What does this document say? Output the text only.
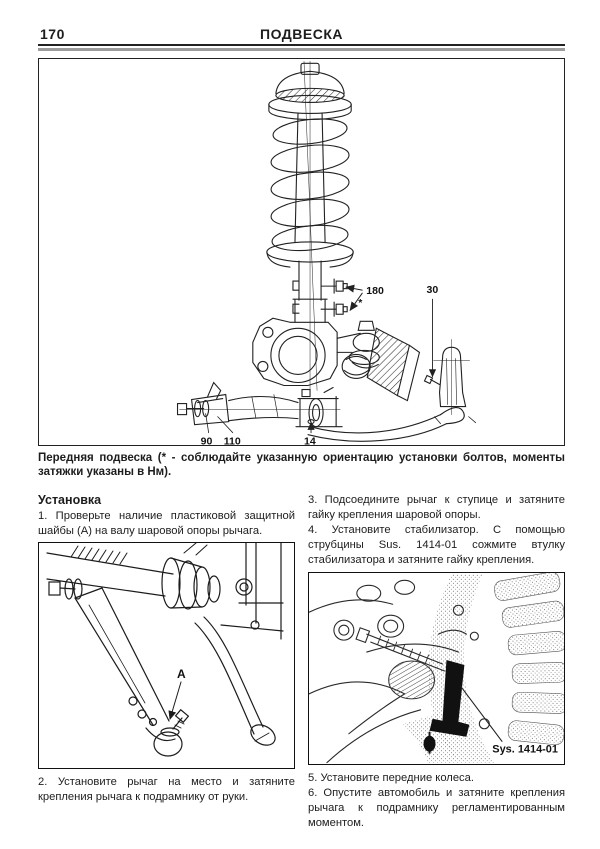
170	ПОДВЕСКА
180
*
30
90 110	14
Передняя подвеска (* - соблюдайте указанную ориентацию установки болтов, моменты затяжки указаны в Нм).

Установка

1. Проверьте наличие пластиковой защитной шайбы (А) на валу шаровой опоры рычага.

A

2. Установите рычаг на место и затяните крепления рычага к подрамнику от руки.

3. Подсоедините рычаг к ступице и затяните гайку крепления шаровой опоры.

4. Установите стабилизатор. С помощью струбцины Sus. 1414-01 сожмите втулку стабилизатора и затяните гайку крепления.

Sys. 1414-01

5. Установите передние колеса.

6. Опустите автомобиль и затяните крепления рычага к подрамнику регламентированным моментом.
